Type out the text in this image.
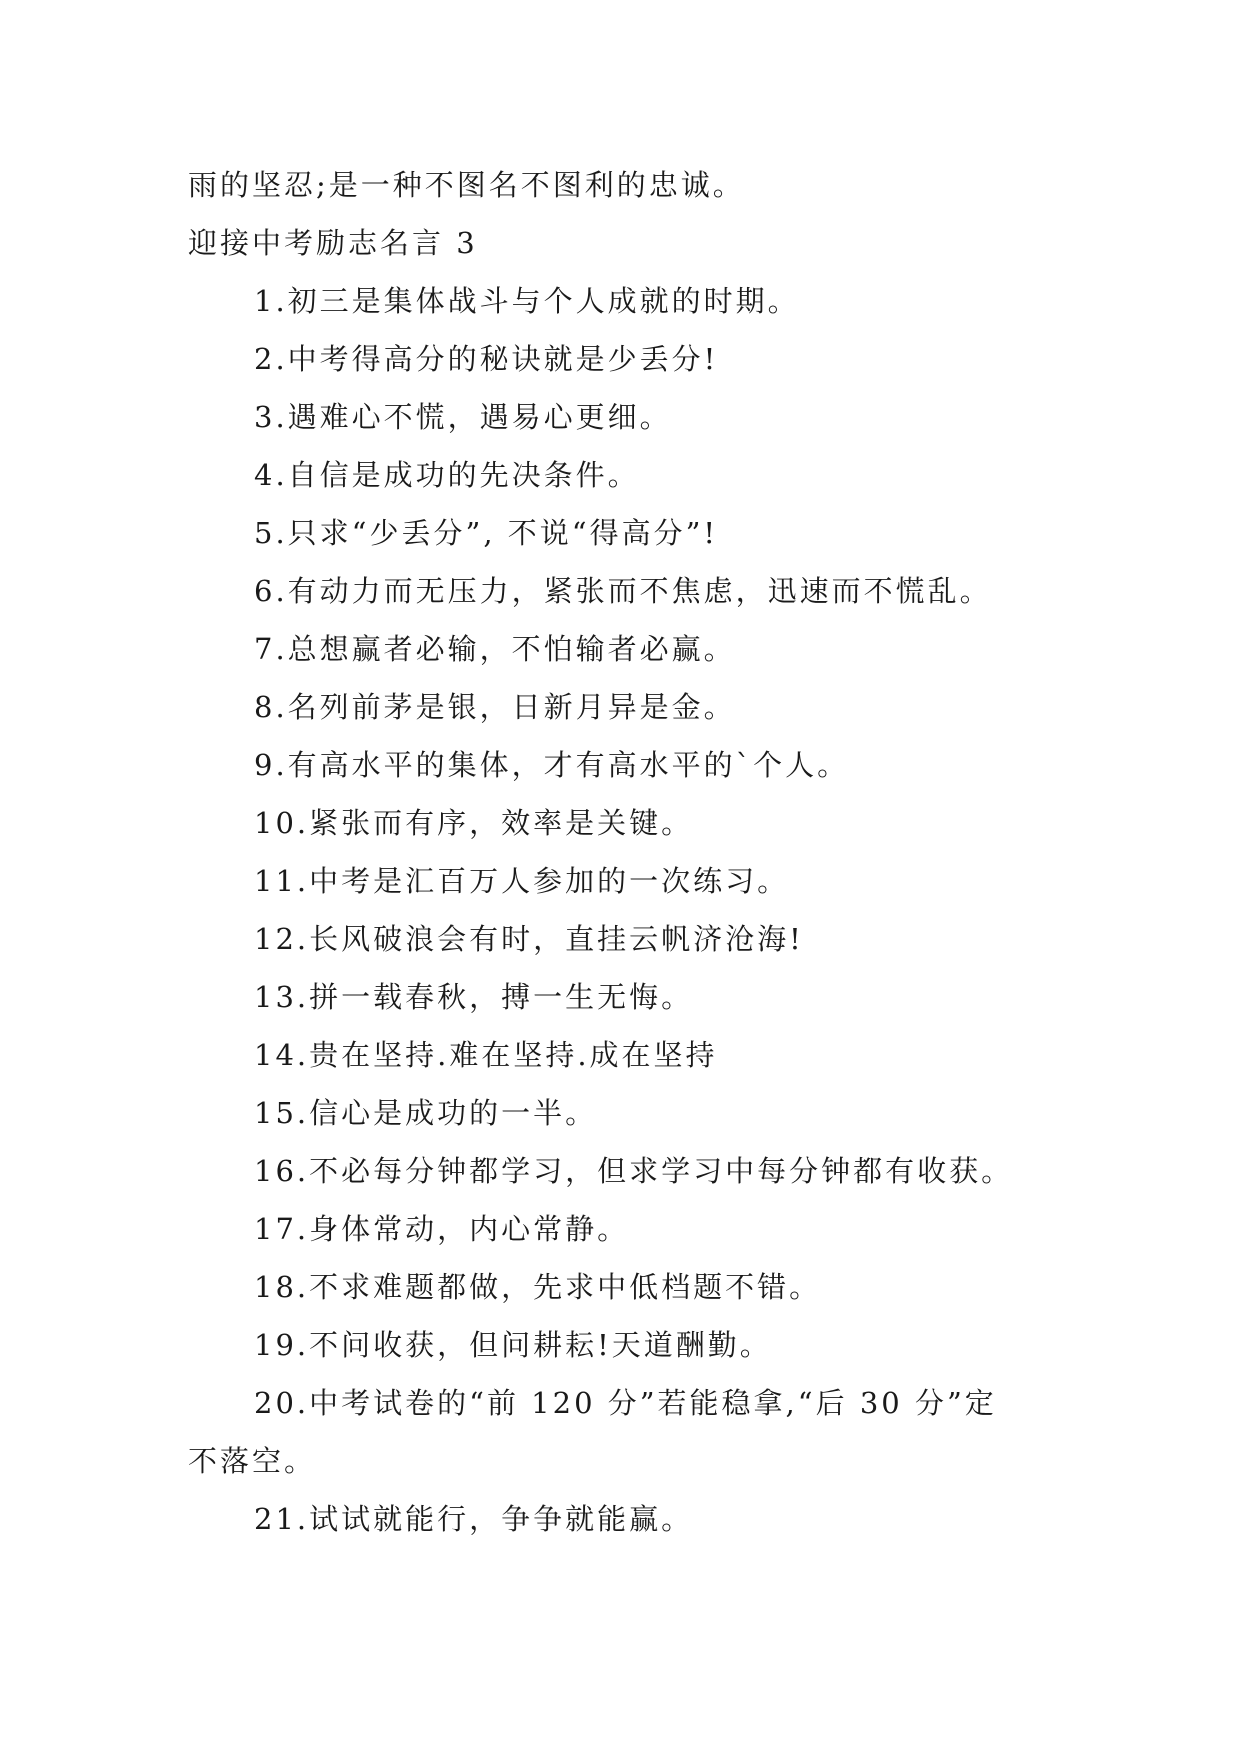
雨的坚忍;是一种不图名不图利的忠诚。
迎接中考励志名言 3
1.初三是集体战斗与个人成就的时期。
2.中考得高分的秘诀就是少丢分!
3.遇难心不慌，遇易心更细。
4.自信是成功的先决条件。
5.只求“少丢分”, 不说“得高分”!
6.有动力而无压力，紧张而不焦虑，迅速而不慌乱。
7.总想赢者必输，不怕输者必赢。
8.名列前茅是银，日新月异是金。
9.有高水平的集体，才有高水平的`个人。
10.紧张而有序，效率是关键。
11.中考是汇百万人参加的一次练习。
12.长风破浪会有时，直挂云帆济沧海!
13.拼一载春秋，搏一生无悔。
14.贵在坚持.难在坚持.成在坚持
15.信心是成功的一半。
16.不必每分钟都学习，但求学习中每分钟都有收获。
17.身体常动，内心常静。
18.不求难题都做，先求中低档题不错。
19.不问收获，但问耕耘!天道酬勤。
20.中考试卷的“前 120 分”若能稳拿,“后 30 分”定
不落空。
21.试试就能行，争争就能赢。
